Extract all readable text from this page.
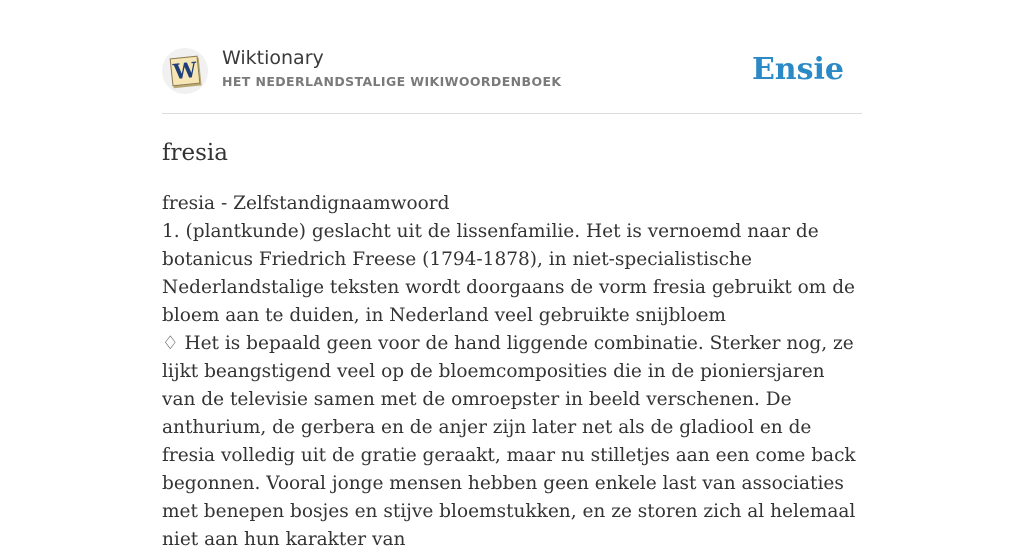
W Wiktionary
HET NEDERLANDSTALIGE WIKIWOORDENBOEK	Ensie
fresia

fresia - Zelfstandignaamwoord

1. (plantkunde) geslacht uit de lissenfamilie. Het is vernoemd naar de botanicus Friedrich Freese (1794-1878), in niet-specialistische Nederlandstalige teksten wordt doorgaans de vorm fresia gebruikt om de bloem aan te duiden, in Nederland veel gebruikte snijbloem

♢ Het is bepaald geen voor de hand liggende combinatie. Sterker nog, ze lijkt beangstigend veel op de bloemcomposities die in de pioniersjaren van de televisie samen met de omroepster in beeld verschenen. De anthurium, de gerbera en de anjer zijn later net als de gladiool en de fresia volledig uit de gratie geraakt, maar nu stilletjes aan een come back begonnen. Vooral jonge mensen hebben geen enkele last van associaties met benepen bosjes en stijve bloemstukken, en ze storen zich al helemaal niet aan hun karakter van
